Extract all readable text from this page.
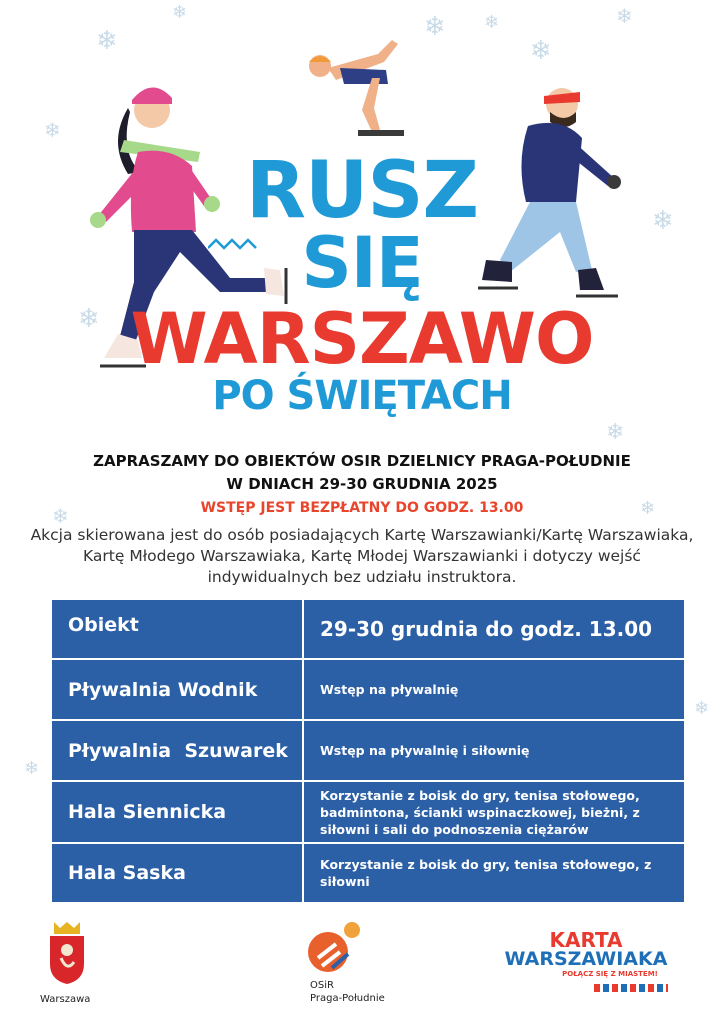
❄
❄	❄ ❄
❄
❄
❄
❄
❄
❄
❄	❄
❄
❄
RUSZ
SIĘ
WARSZAWO
PO ŚWIĘTACH
ZAPRASZAMY DO OBIEKTÓW OSIR DZIELNICY PRAGA-POŁUDNIE
W DNIACH 29-30 GRUDNIA 2025
WSTĘP JEST BEZPŁATNY DO GODZ. 13.00
Akcja skierowana jest do osób posiadających Kartę Warszawianki/Kartę Warszawiaka, Kartę Młodego Warszawiaka, Kartę Młodej Warszawianki i dotyczy wejść indywidualnych bez udziału instruktora.
Obiekt	29-30 grudnia do godz. 13.00
Pływalnia Wodnik	Wstęp na pływalnię
Pływalnia  Szuwarek	Wstęp na pływalnię i siłownię
Hala Siennicka	Korzystanie z boisk do gry, tenisa stołowego, badmintona, ścianki wspinaczkowej, bieżni, z siłowni i sali do podnoszenia ciężarów
Hala Saska	Korzystanie z boisk do gry, tenisa stołowego, z siłowni
Warszawa
OSiR
Praga-Południe
KARTA
WARSZAWIAKA
POŁĄCZ SIĘ Z MIASTEM!
